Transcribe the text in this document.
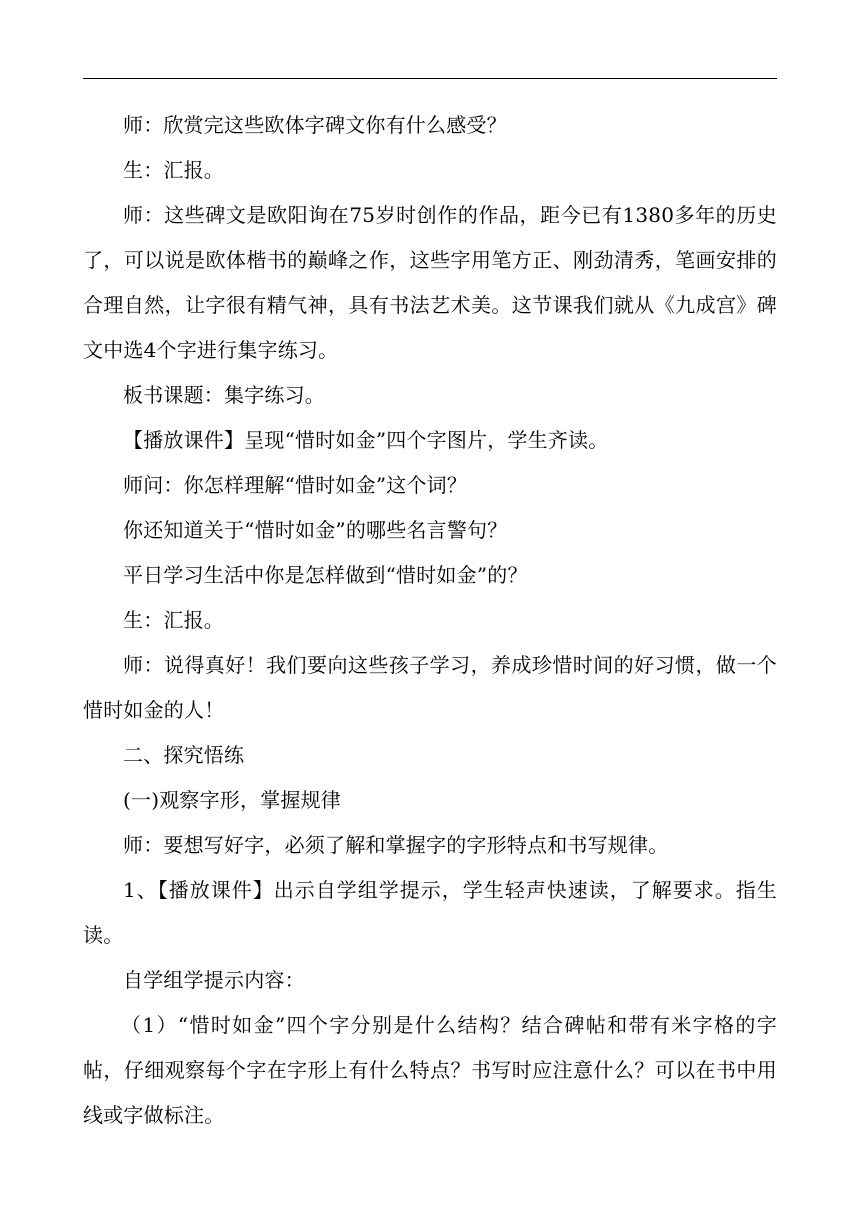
师：欣赏完这些欧体字碑文你有什么感受？

生：汇报。

师：这些碑文是欧阳询在75岁时创作的作品，距今已有1380多年的历史了，可以说是欧体楷书的巅峰之作，这些字用笔方正、刚劲清秀，笔画安排的合理自然，让字很有精气神，具有书法艺术美。这节课我们就从《九成宫》碑文中选4个字进行集字练习。

板书课题：集字练习。

【播放课件】呈现“惜时如金”四个字图片，学生齐读。

师问：你怎样理解“惜时如金”这个词？

你还知道关于“惜时如金”的哪些名言警句？

平日学习生活中你是怎样做到“惜时如金”的？

生：汇报。

师：说得真好！我们要向这些孩子学习，养成珍惜时间的好习惯，做一个惜时如金的人！

二、探究悟练

(一)观察字形，掌握规律

师：要想写好字，必须了解和掌握字的字形特点和书写规律。

1、【播放课件】出示自学组学提示，学生轻声快速读，了解要求。指生读。

自学组学提示内容：

（1）“惜时如金”四个字分别是什么结构？结合碑帖和带有米字格的字帖，仔细观察每个字在字形上有什么特点？书写时应注意什么？可以在书中用线或字做标注。
